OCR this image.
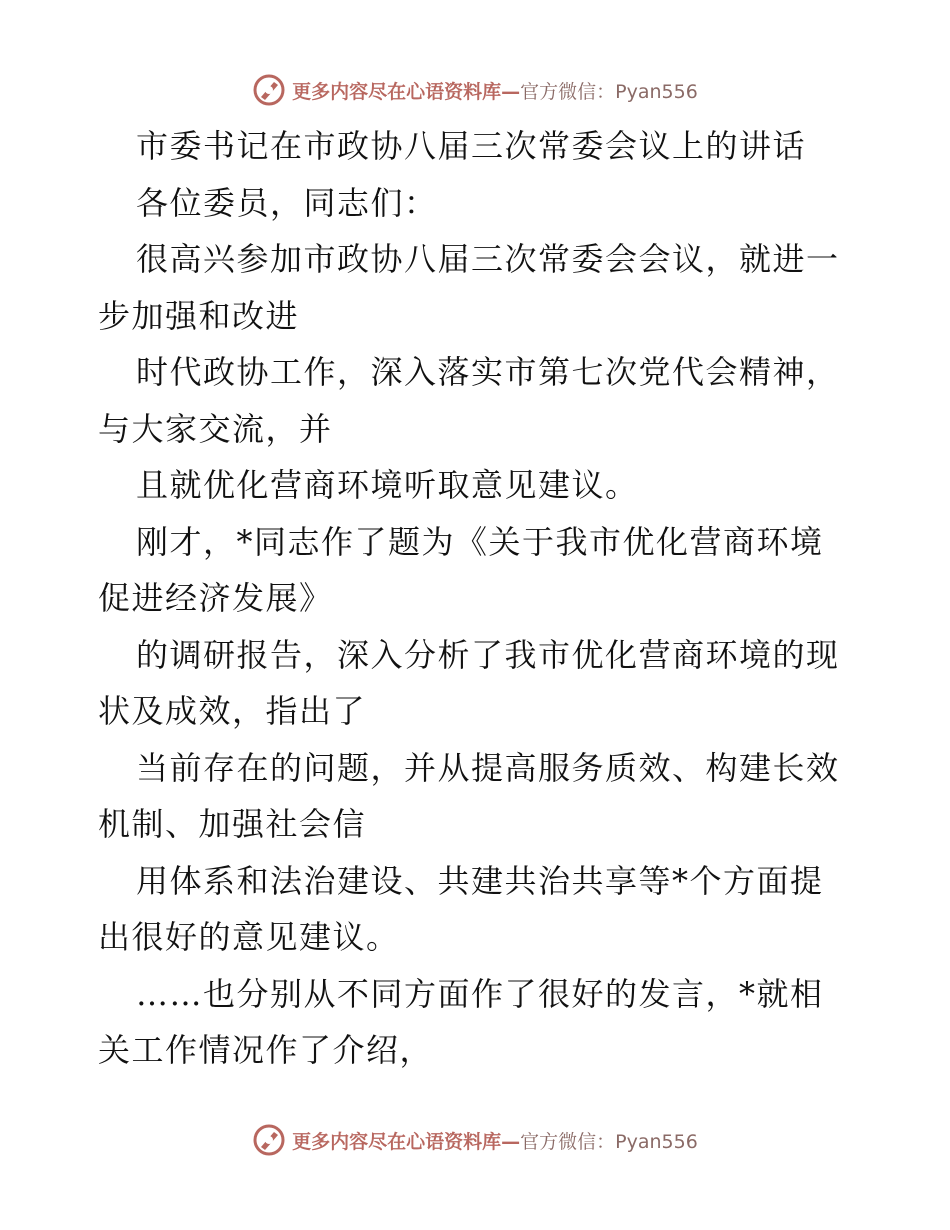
更多内容尽在心语资料库—官方微信：Pyan556
市委书记在市政协八届三次常委会议上的讲话
各位委员，同志们：
很高兴参加市政协八届三次常委会会议，就进一
步加强和改进
时代政协工作，深入落实市第七次党代会精神，
与大家交流，并
且就优化营商环境听取意见建议。
刚才，*同志作了题为《关于我市优化营商环境
促进经济发展》
的调研报告，深入分析了我市优化营商环境的现
状及成效，指出了
当前存在的问题，并从提高服务质效、构建长效
机制、加强社会信
用体系和法治建设、共建共治共享等*个方面提
出很好的意见建议。
……也分别从不同方面作了很好的发言，*就相
关工作情况作了介绍，
更多内容尽在心语资料库—官方微信：Pyan556
